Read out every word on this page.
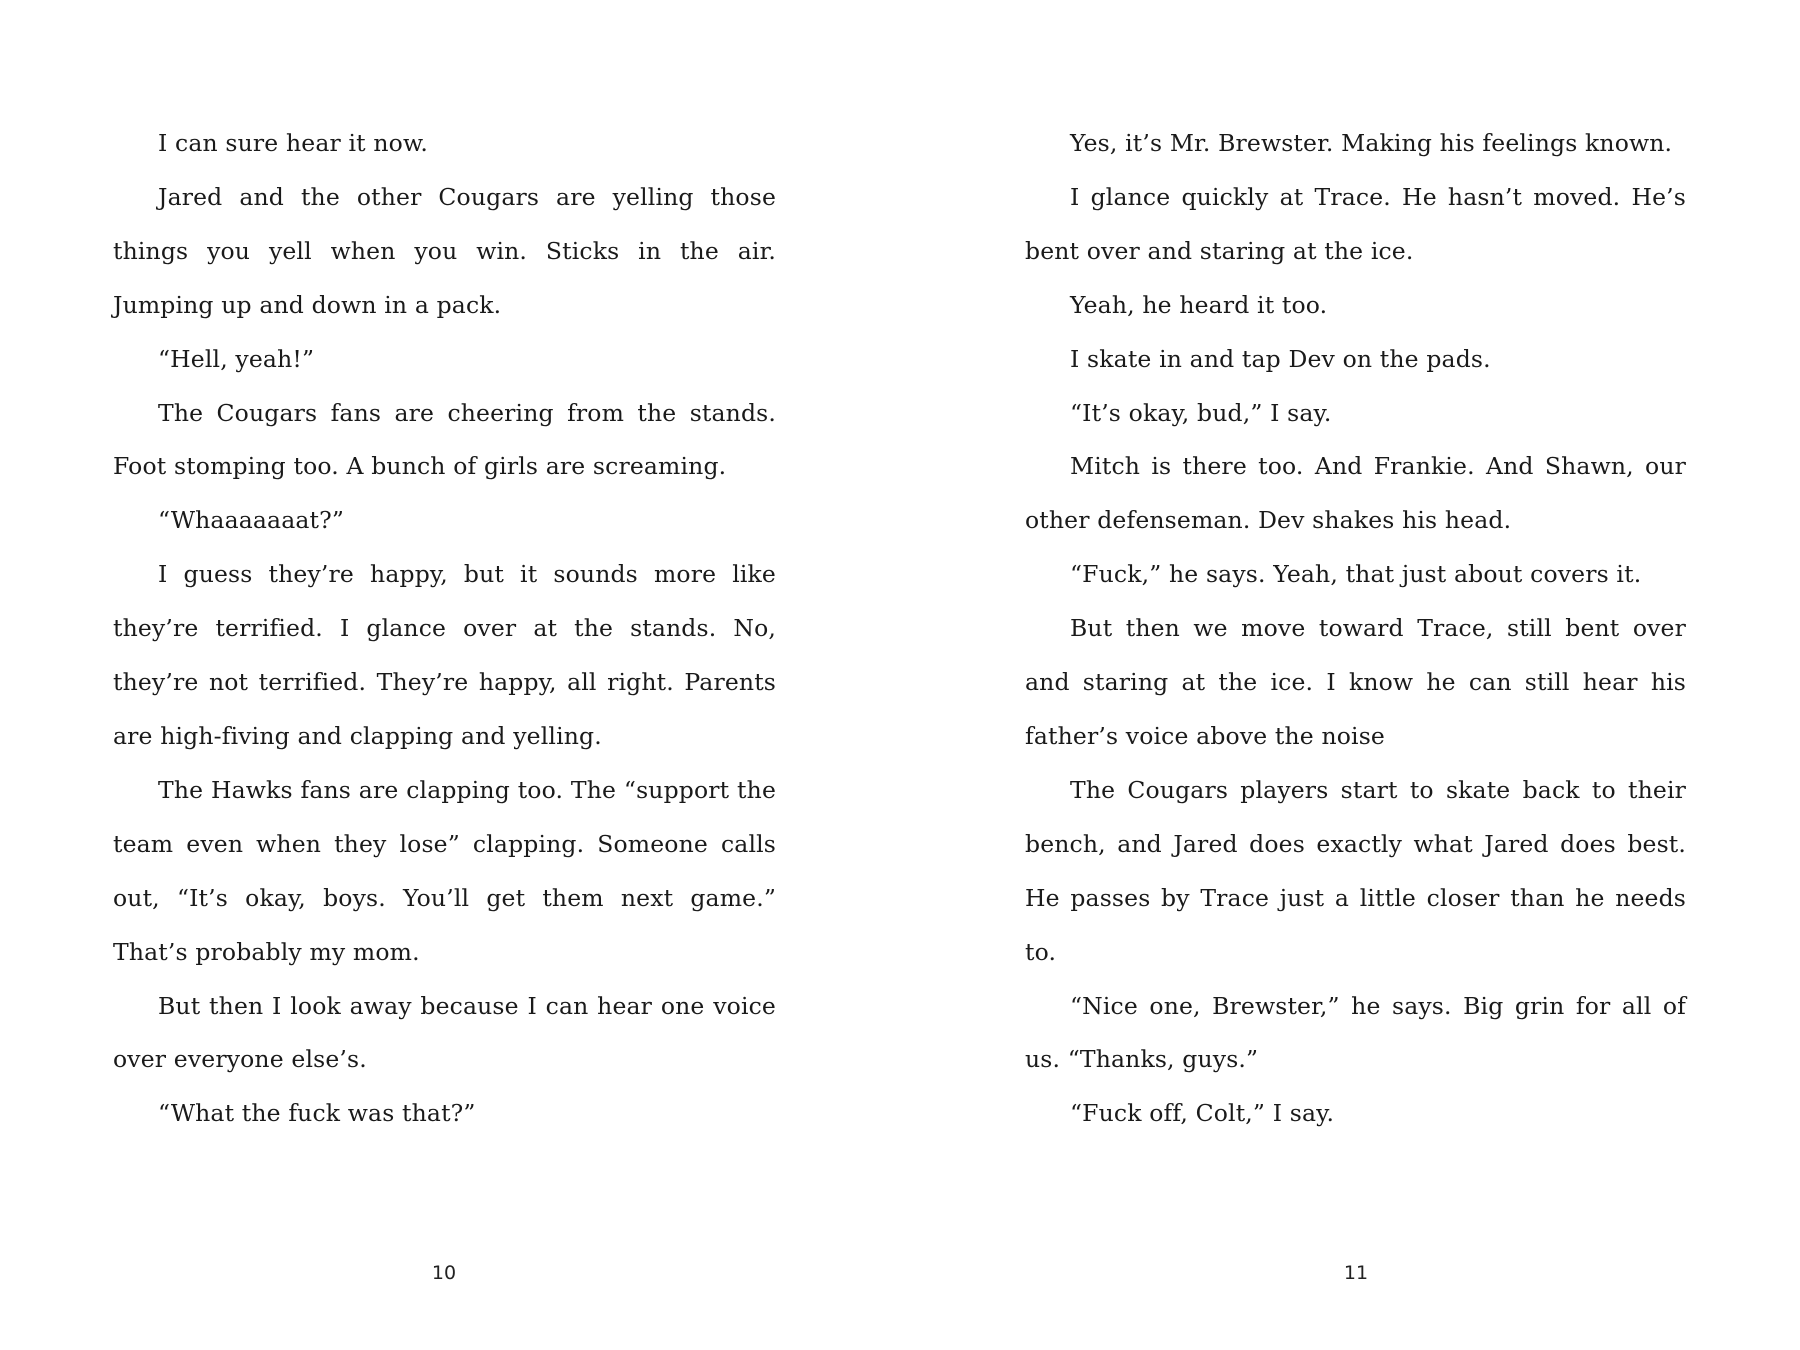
I can sure hear it now.

Jared and the other Cougars are yelling those things you yell when you win. Sticks in the air. Jumping up and down in a pack.

“Hell, yeah!”

The Cougars fans are cheering from the stands. Foot stomping too. A bunch of girls are screaming.

“Whaaaaaaat?”

I guess they’re happy, but it sounds more like they’re terrified. I glance over at the stands. No, they’re not terrified. They’re happy, all right. Parents are high-fiving and clapping and yelling.

The Hawks fans are clapping too. The “support the team even when they lose” clapping. Someone calls out, “It’s okay, boys. You’ll get them next game.” That’s probably my mom.

But then I look away because I can hear one voice over everyone else’s.

“What the fuck was that?”

10

Yes, it’s Mr. Brewster. Making his feelings known.

I glance quickly at Trace. He hasn’t moved. He’s bent over and staring at the ice.

Yeah, he heard it too.

I skate in and tap Dev on the pads.

“It’s okay, bud,” I say.

Mitch is there too. And Frankie. And Shawn, our other defenseman. Dev shakes his head.

“Fuck,” he says. Yeah, that just about covers it.

But then we move toward Trace, still bent over and staring at the ice. I know he can still hear his father’s voice above the noise

The Cougars players start to skate back to their bench, and Jared does exactly what Jared does best. He passes by Trace just a little closer than he needs to.

“Nice one, Brewster,” he says. Big grin for all of us. “Thanks, guys.”

“Fuck off, Colt,” I say.

11
